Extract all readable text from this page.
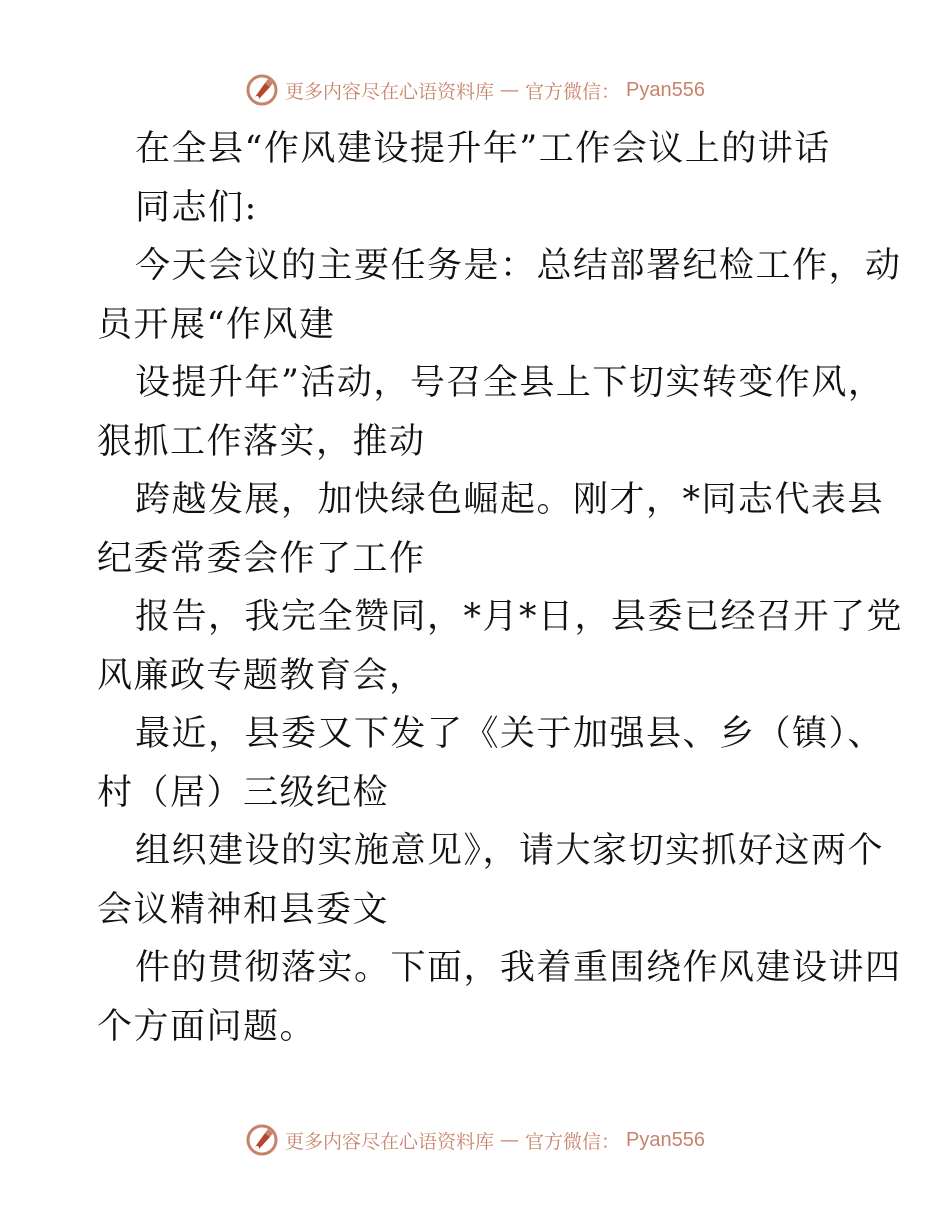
更多内容尽在心语资料库 — 官方微信： Pyan556
在全县“作风建设提升年”工作会议上的讲话
同志们:
今天会议的主要任务是：总结部署纪检工作，动
员开展“作风建
设提升年”活动，号召全县上下切实转变作风，
狠抓工作落实，推动
跨越发展，加快绿色崛起。刚才，*同志代表县
纪委常委会作了工作
报告，我完全赞同，*月*日，县委已经召开了党
风廉政专题教育会，
最近，县委又下发了《关于加强县、乡（镇）、
村（居）三级纪检
组织建设的实施意见》，请大家切实抓好这两个
会议精神和县委文
件的贯彻落实。下面，我着重围绕作风建设讲四
个方面问题。
更多内容尽在心语资料库 — 官方微信： Pyan556
